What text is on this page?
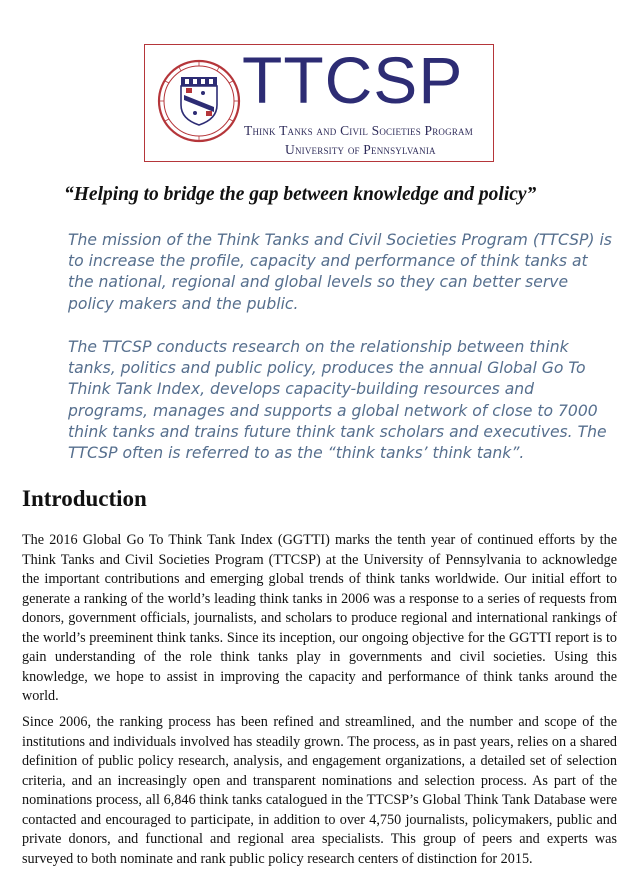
TTCSP
Think Tanks and Civil Societies Program
University of Pennsylvania
“Helping to bridge the gap between knowledge and policy”

The mission of the Think Tanks and Civil Societies Program (TTCSP) is to increase the profile, capacity and performance of think tanks at the national, regional and global levels so they can better serve policy makers and the public.

The TTCSP conducts research on the relationship between think tanks, politics and public policy, produces the annual Global Go To Think Tank Index, develops capacity-building resources and programs, manages and supports a global network of close to 7000 think tanks and trains future think tank scholars and executives. The TTCSP often is referred to as the “think tanks’ think tank”.

Introduction

The 2016 Global Go To Think Tank Index (GGTTI) marks the tenth year of continued efforts by the Think Tanks and Civil Societies Program (TTCSP) at the University of Pennsylvania to acknowledge the important contributions and emerging global trends of think tanks worldwide. Our initial effort to generate a ranking of the world’s leading think tanks in 2006 was a response to a series of requests from donors, government officials, journalists, and scholars to produce regional and international rankings of the world’s preeminent think tanks. Since its inception, our ongoing objective for the GGTTI report is to gain understanding of the role think tanks play in governments and civil societies. Using this knowledge, we hope to assist in improving the capacity and performance of think tanks around the world.

Since 2006, the ranking process has been refined and streamlined, and the number and scope of the institutions and individuals involved has steadily grown. The process, as in past years, relies on a shared definition of public policy research, analysis, and engagement organizations, a detailed set of selection criteria, and an increasingly open and transparent nominations and selection process. As part of the nominations process, all 6,846 think tanks catalogued in the TTCSP’s Global Think Tank Database were contacted and encouraged to participate, in addition to over 4,750 journalists, policymakers, public and private donors, and functional and regional area specialists. This group of peers and experts was surveyed to both nominate and rank public policy research centers of distinction for 2015.
